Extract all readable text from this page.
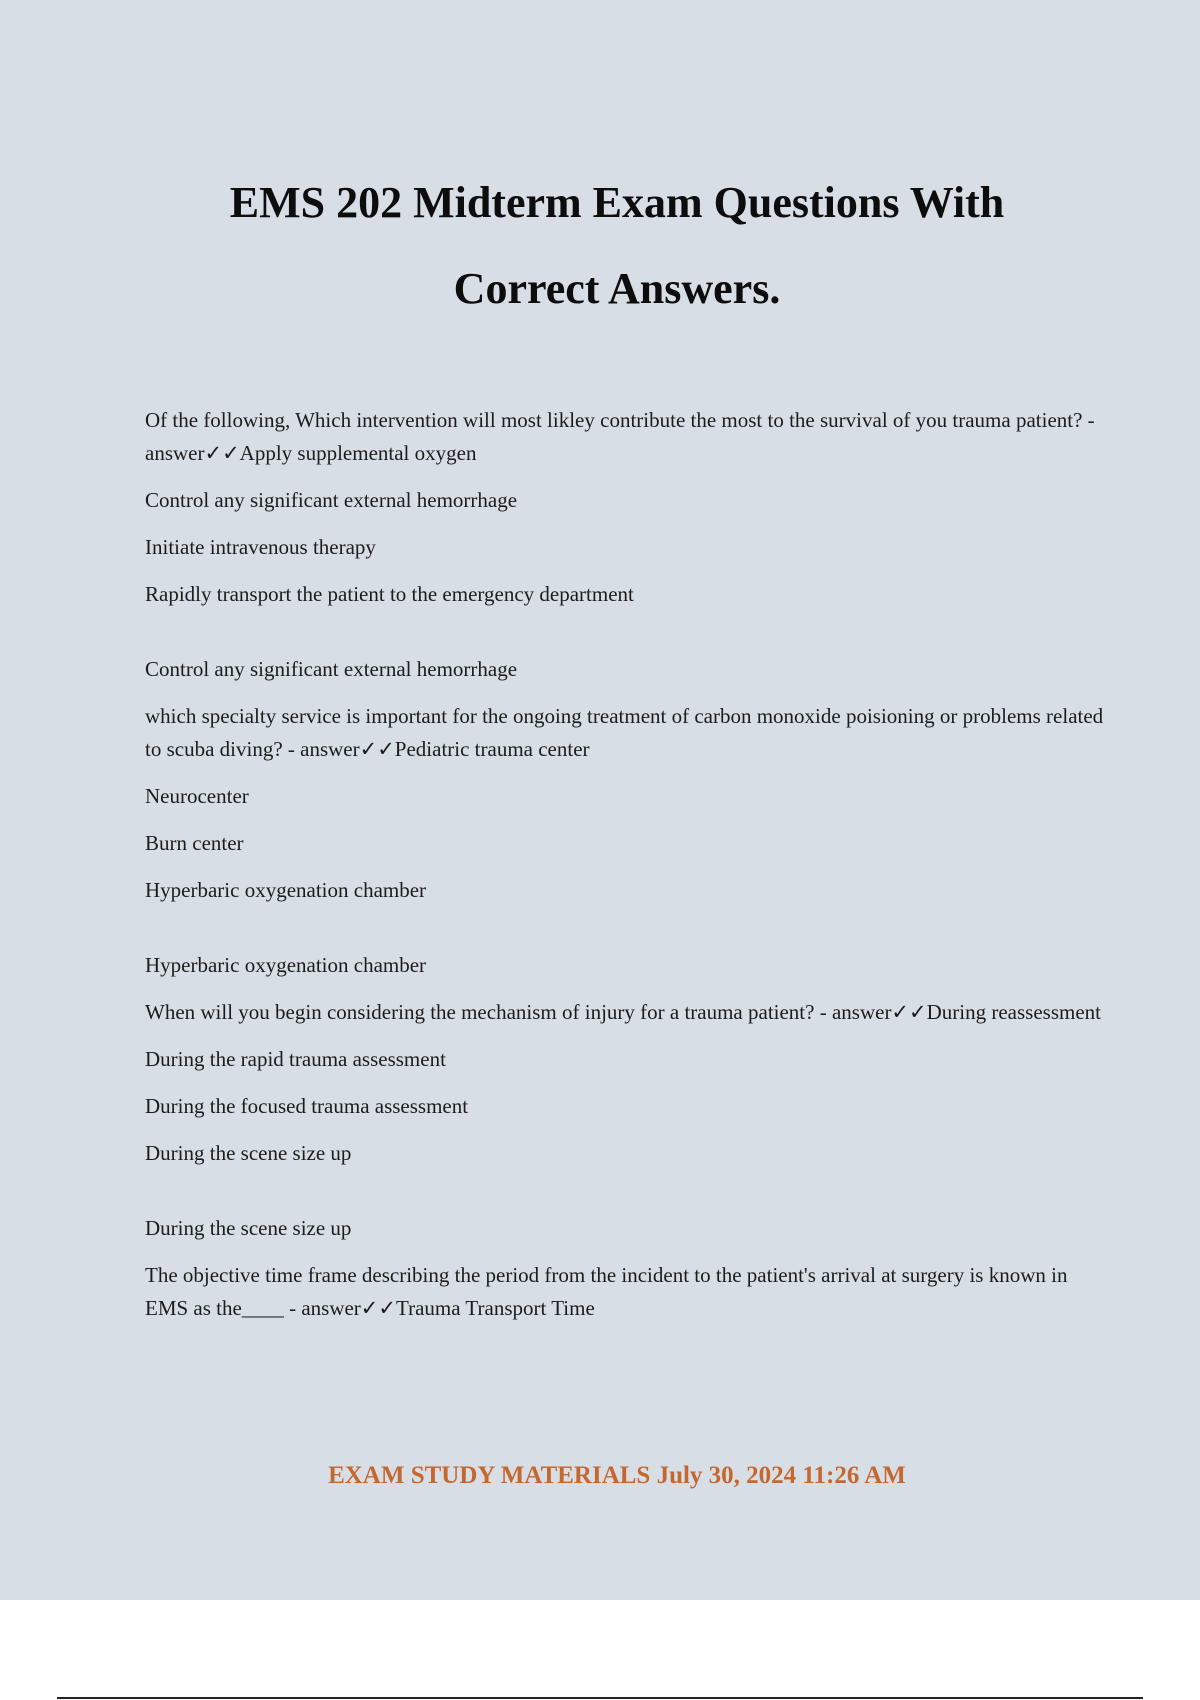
EMS 202 Midterm Exam Questions With
Correct Answers.

Of the following, Which intervention will most likley contribute the most to the survival of you trauma patient? - answer✓✓Apply supplemental oxygen

Control any significant external hemorrhage

Initiate intravenous therapy

Rapidly transport the patient to the emergency department

Control any significant external hemorrhage

which specialty service is important for the ongoing treatment of carbon monoxide poisioning or problems related to scuba diving? - answer✓✓Pediatric trauma center

Neurocenter

Burn center

Hyperbaric oxygenation chamber

Hyperbaric oxygenation chamber

When will you begin considering the mechanism of injury for a trauma patient? - answer✓✓During reassessment

During the rapid trauma assessment

During the focused trauma assessment

During the scene size up

During the scene size up

The objective time frame describing the period from the incident to the patient's arrival at surgery is known in EMS as the____ - answer✓✓Trauma Transport Time

EXAM STUDY MATERIALS July 30, 2024 11:26 AM
